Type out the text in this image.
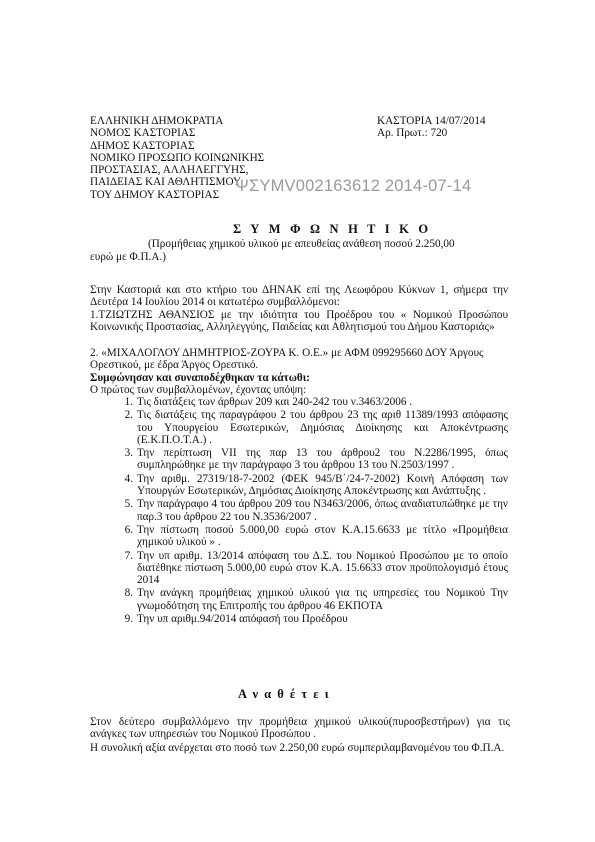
ΕΛΛΗΝΙΚΗ ΔΗΜΟΚΡΑΤΙΑ
ΝΟΜΟΣ ΚΑΣΤΟΡΙΑΣ
ΔΗΜΟΣ ΚΑΣΤΟΡΙΑΣ
ΝΟΜΙΚΟ ΠΡΟΣΩΠΟ ΚΟΙΝΩΝΙΚΗΣ
ΠΡΟΣΤΑΣΙΑΣ, ΑΛΛΗΛΕΓΓΥΗΣ,
ΠΑΙΔΕΙΑΣ ΚΑΙ ΑΘΛΗΤΙΣΜΟΥ
ΤΟΥ ΔΗΜΟΥ ΚΑΣΤΟΡΙΑΣ
ΚΑΣΤΟΡΙΑ 14/07/2014
Αρ. Πρωτ.: 720
ΨΣΥΜV002163612 2014-07-14
Σ Υ Μ Φ Ω Ν Η Τ Ι Κ Ο
(Προμήθειας χημικού υλικού με απευθείας ανάθεση ποσού 2.250,00
ευρώ με Φ.Π.Α.)
Στην Καστοριά και στο κτήριο του ΔΗΝΑΚ επί της Λεωφόρου Κύκνων 1, σήμερα την Δευτέρα 14 Ιουλίου 2014 οι κατωτέρω συμβαλλόμενοι:
1.ΤΖΙΩΤΖΗΣ ΑΘΑΝΣΙΟΣ με την ιδιότητα του Προέδρου του « Νομικού Προσώπου Κοινωνικής Προστασίας, Αλληλεγγύης, Παιδείας και Αθλητισμού του Δήμου Καστοριάς»
2. «ΜΙΧΑΛΟΓΛΟΥ ΔΗΜΗΤΡΙΟΣ-ΖΟΥΡΑ Κ. Ο.Ε.» με ΑΦΜ 099295660 ΔΟΥ Άργους Ορεστικού, με έδρα Άργος Ορεστικό.
Συμφώνησαν και συναποδέχθηκαν τα κάτωθι:
Ο πρώτος των συμβαλλομένων, έχοντας υπόψη:
1. Τις διατάξεις των άρθρων 209 και 240-242 του ν.3463/2006 .
2. Τις διατάξεις της παραγράφου 2 του άρθρου 23 της αριθ 11389/1993 απόφασης του Υπουργείου Εσωτερικών, Δημόσιας Διοίκησης και Αποκέντρωσης (Ε.Κ.Π.Ο.Τ.Α.) .
3. Την περίπτωση VII της παρ 13 του άρθρου2 του Ν.2286/1995, όπως συμπληρώθηκε με την παράγραφο 3 του άρθρου 13 του Ν.2503/1997 .
4. Την αριθμ. 27319/18-7-2002 (ΦΕΚ 945/Β΄/24-7-2002) Κοινή Απόφαση των Υπουργών Εσωτερικών, Δημόσιας Διοίκησης Αποκέντρωσης και Ανάπτυξης .
5. Την παράγραφο 4 του άρθρου 209 του Ν3463/2006, όπως αναδιατυπώθηκε με την παρ.3 του άρθρου 22 του Ν.3536/2007 .
6. Την πίστωση ποσού 5.000,00 ευρώ στον Κ.Α.15.6633 με τίτλο «Προμήθεια χημικού υλικού » .
7. Την υπ αριθμ. 13/2014 απόφαση του Δ.Σ. του Νομικού Προσώπου με το οποίο διατέθηκε πίστωση 5.000,00 ευρώ στον Κ.Α. 15.6633 στον προϋπολογισμό έτους 2014
8. Την ανάγκη προμήθειας χημικού υλικού για τις υπηρεσίες του Νομικού Την γνωμοδότηση της Επιτροπής του άρθρου 46 ΕΚΠΟΤΑ
9. Την υπ αριθμ.94/2014 απόφασή του Προέδρου
Α ν α θ έ τ ε ι
Στον δεύτερο συμβαλλόμενο την προμήθεια χημικού υλικού(πυροσβεστήρων) για τις ανάγκες των υπηρεσιών του Νομικού Προσώπου .
Η συνολική αξία ανέρχεται στο ποσό των 2.250,00 ευρώ συμπεριλαμβανομένου του Φ.Π.Α.
